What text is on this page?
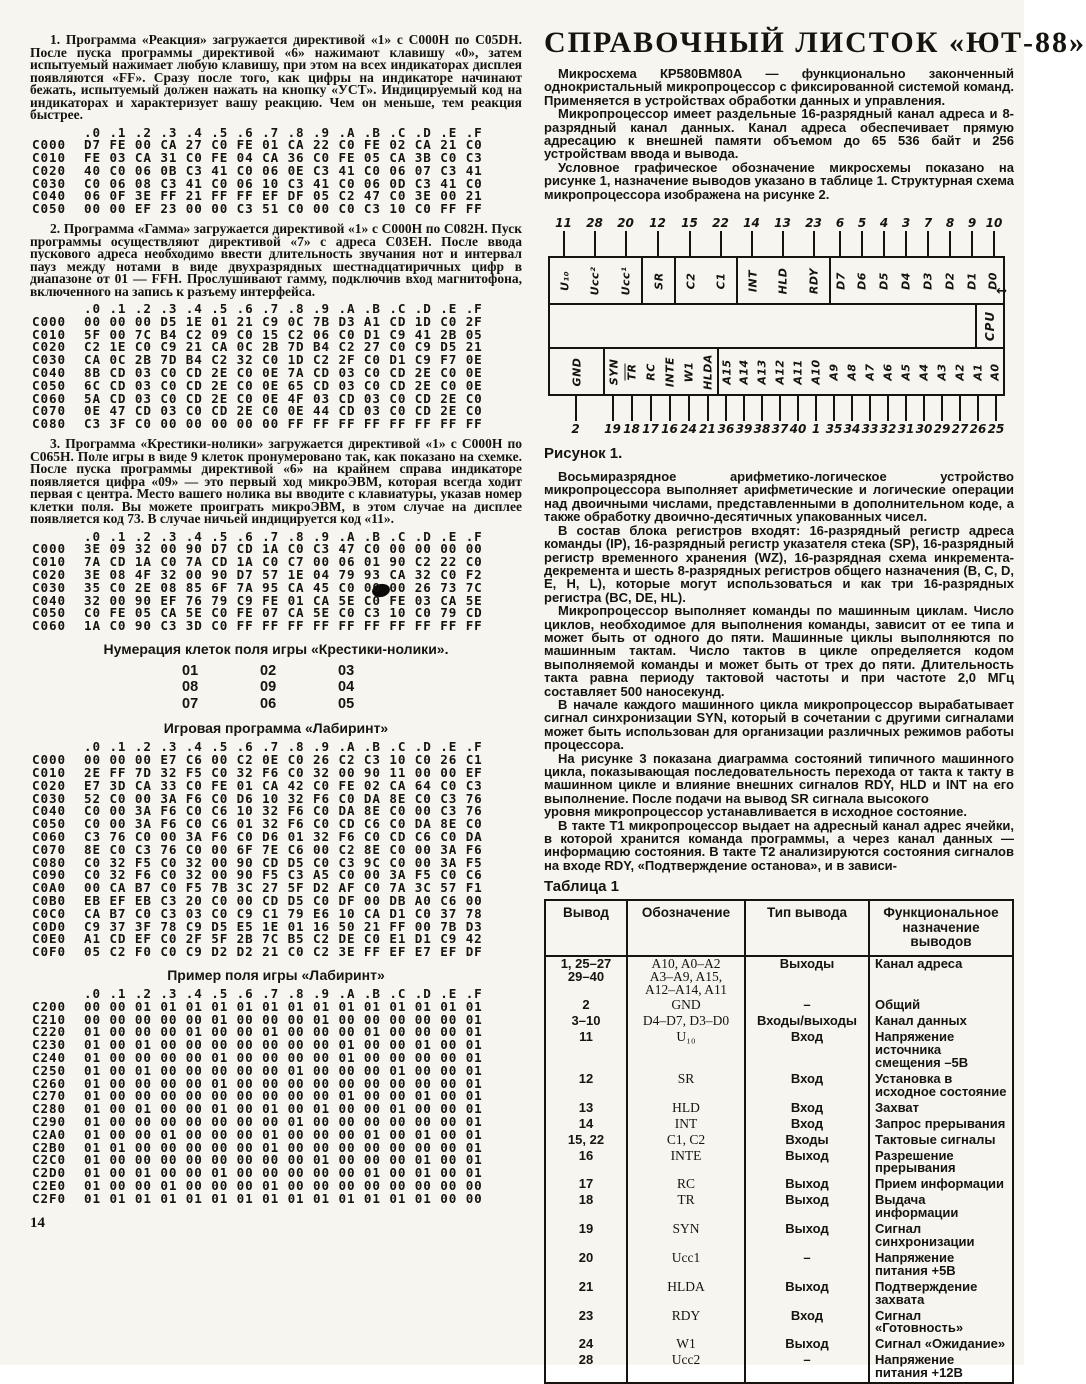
1. Программа «Реакция» загружается директивой «1» с C000H по C05DH. После пуска программы директивой «6» нажимают клавишу «0», затем испытуемый нажимает любую клавишу, при этом на всех индикаторах дисплея появляются «FF». Сразу после того, как цифры на индикаторе начинают бежать, испытуемый должен нажать на кнопку «УСТ». Индицируемый код на индикаторах и характеризует вашу реакцию. Чем он меньше, тем реакция быстрее.

.0 .1 .2 .3 .4 .5 .6 .7 .8 .9 .A .B .C .D .E .F
C000 D7 FE 00 CA 27 C0 FE 01 CA 22 C0 FE 02 CA 21 C0
C010 FE 03 CA 31 C0 FE 04 CA 36 C0 FE 05 CA 3B C0 C3
C020 40 C0 06 0B C3 41 C0 06 0E C3 41 C0 06 07 C3 41
C030 C0 06 08 C3 41 C0 06 10 C3 41 C0 06 0D C3 41 C0
C040 06 0F 3E FF 21 FF FF EF DF 05 C2 47 C0 3E 00 21
C050 00 00 EF 23 00 00 C3 51 C0 00 C0 C3 10 C0 FF FF

2. Программа «Гамма» загружается директивой «1» с C000H по C082H. Пуск программы осуществляют директивой «7» с адреса C03EH. После ввода пускового адреса необходимо ввести длительность звучания нот и интервал пауз между нотами в виде двухразрядных шестнадцатиричных цифр в диапазоне от 01 — FFH. Прослушивают гамму, подключив вход магнитофона, включенного на запись к разъему интерфейса.

.0 .1 .2 .3 .4 .5 .6 .7 .8 .9 .A .B .C .D .E .F
C000 00 00 00 D5 1E 01 21 C9 0C 7B D3 A1 CD 1D C0 2F
C010 5F 00 7C B4 C2 09 C0 15 C2 06 C0 D1 C9 41 2B 05
C020 C2 1E C0 C9 21 CA 0C 2B 7D B4 C2 27 C0 C9 D5 21
C030 CA 0C 2B 7D B4 C2 32 C0 1D C2 2F C0 D1 C9 F7 0E
C040 8B CD 03 C0 CD 2E C0 0E 7A CD 03 C0 CD 2E C0 0E
C050 6C CD 03 C0 CD 2E C0 0E 65 CD 03 C0 CD 2E C0 0E
C060 5A CD 03 C0 CD 2E C0 0E 4F 03 CD 03 C0 CD 2E C0
C070 0E 47 CD 03 C0 CD 2E C0 0E 44 CD 03 C0 CD 2E C0
C080 C3 3F C0 00 00 00 00 00 FF FF FF FF FF FF FF FF

3. Программа «Крестики-нолики» загружается директивой «1» с C000H по C065H. Поле игры в виде 9 клеток пронумеровано так, как показано на схемке. После пуска программы директивой «6» на крайнем справа индикаторе появляется цифра «09» — это первый ход микроЭВМ, которая всегда ходит первая с центра. Место вашего нолика вы вводите с клавиатуры, указав номер клетки поля. Вы можете проиграть микроЭВМ, в этом случае на дисплее появляется код 73. В случае ничьей индицируется код «11».

.0 .1 .2 .3 .4 .5 .6 .7 .8 .9 .A .B .C .D .E .F
C000 3E 09 32 00 90 D7 CD 1A C0 C3 47 C0 00 00 00 00
C010 7A CD 1A C0 7A CD 1A C0 C7 00 06 01 90 C2 22 C0
C020 3E 08 4F 32 00 90 D7 57 1E 04 79 93 CA 32 C0 F2
C030 35 C0 2E 08 85 6F 7A 95 CA 45 C0 00 00 26 73 7C
C040 32 00 90 EF 76 79 C9 FE 01 CA 5E C0 FE 03 CA 5E
C050 C0 FE 05 CA 5E C0 FE 07 CA 5E C0 C3 10 C0 79 CD
C060 1A C0 90 C3 3D C0 FF FF FF FF FF FF FF FF FF FF
Нумерация клеток поля игры «Крестики-нолики».
01	02	03
08	09	04
07	06	05
Игровая программа «Лабиринт»
.0 .1 .2 .3 .4 .5 .6 .7 .8 .9 .A .B .C .D .E .F
C000 00 00 00 E7 C6 00 C2 0E C0 26 C2 C3 10 C0 26 C1
C010 2E FF 7D 32 F5 C0 32 F6 C0 32 00 90 11 00 00 EF
C020 E7 3D CA 33 C0 FE 01 CA 42 C0 FE 02 CA 64 C0 C3
C030 52 C0 00 3A F6 C0 D6 10 32 F6 C0 DA 8E C0 C3 76
C040 C0 00 3A F6 C0 C6 10 32 F6 C0 DA 8E C0 00 C3 76
C050 C0 00 3A F6 C0 C6 01 32 F6 C0 CD C6 C0 DA 8E C0
C060 C3 76 C0 00 3A F6 C0 D6 01 32 F6 C0 CD C6 C0 DA
C070 8E C0 C3 76 C0 00 6F 7E C6 00 C2 8E C0 00 3A F6
C080 C0 32 F5 C0 32 00 90 CD D5 C0 C3 9C C0 00 3A F5
C090 C0 32 F6 C0 32 00 90 F5 C3 A5 C0 00 3A F5 C0 C6
C0A0 00 CA B7 C0 F5 7B 3C 27 5F D2 AF C0 7A 3C 57 F1
C0B0 EB EF EB C3 20 C0 00 CD D5 C0 DF 00 DB A0 C6 00
C0C0 CA B7 C0 C3 03 C0 C9 C1 79 E6 10 CA D1 C0 37 78
C0D0 C9 37 3F 78 C9 D5 E5 1E 01 16 50 21 FF 00 7B D3
C0E0 A1 CD EF C0 2F 5F 2B 7C B5 C2 DE C0 E1 D1 C9 42
C0F0 05 C2 F0 C0 C9 D2 D2 21 C0 C2 3E FF EF E7 EF DF
Пример поля игры «Лабиринт»
.0 .1 .2 .3 .4 .5 .6 .7 .8 .9 .A .B .C .D .E .F
C200 00 00 01 01 01 01 01 01 01 01 01 01 01 01 01 01
C210 00 00 00 00 00 01 00 00 00 01 00 00 00 00 00 01
C220 01 00 00 00 01 00 00 01 00 00 00 01 00 00 00 01
C230 01 00 01 00 00 00 00 00 00 00 01 00 00 01 00 01
C240 01 00 00 00 00 01 00 00 00 00 01 00 00 00 00 01
C250 01 00 01 00 00 00 00 00 01 00 00 00 01 00 00 01
C260 01 00 00 00 00 01 00 00 00 00 00 00 00 00 00 01
C270 01 00 00 00 00 00 00 00 00 00 01 00 00 01 00 01
C280 01 00 01 00 00 01 00 01 00 01 00 00 01 00 00 01
C290 01 00 00 00 00 00 00 00 01 00 00 00 00 00 00 01
C2A0 01 00 00 01 00 00 00 01 00 00 00 01 00 01 00 01
C2B0 01 01 00 00 00 00 00 01 00 00 00 00 00 00 00 01
C2C0 01 00 00 00 00 00 00 00 00 01 00 00 00 01 00 01
C2D0 01 00 01 00 00 01 00 00 00 00 00 01 00 01 00 01
C2E0 01 00 00 01 00 00 00 01 00 00 00 00 00 00 00 00
C2F0 01 01 01 01 01 01 01 01 01 01 01 01 01 01 00 00
14
СПРАВОЧНЫЙ ЛИСТОК «ЮТ-88»

Микросхема КР580ВМ80А — функционально законченный однокристальный микропроцессор с фиксированной системой команд. Применяется в устройствах обработки данных и управления.

Микропроцессор имеет раздельные 16-разрядный канал адреса и 8-разрядный канал данных. Канал адреса обеспечивает прямую адресацию к внешней памяти объемом до 65 536 байт и 256 устройствам ввода и вывода.

Условное графическое обозначение микросхемы показано на рисунке 1, назначение выводов указано в таблице 1. Структурная схема микропроцессора изображена на рисунке 2.

11
U₁₀
28
Ucc²
20
Ucc¹
12
SR
15
C2
22
C1
14
INT
13
HLD
23
RDY
6
D7
5
D6
4
D5
3
D4
7
D3
8
D2
9
D1
10
D0
↔
CPU
GND
2
SYN
19
$\overline{TR}$
18
RC
17
INTE
16
W1
24
HLDA
21
A15
36
A14
39
A13
38
A12
37
A11
40
A10
1
A9
35
A8
34
A7
33
A6
32
A5
31
A4
30
A3
29
A2
27
A1
26
A0
25
Рисунок 1.

Восьмиразрядное арифметико-логическое устройство микропроцессора выполняет арифметические и логические операции над двоичными числами, представленными в дополнительном коде, а также обработку двоично-десятичных упакованных чисел.

В состав блока регистров входят: 16-разрядный регистр адреса команды (IP), 16-разрядный регистр указателя стека (SP), 16-разрядный регистр временного хранения (WZ), 16-разрядная схема инкремента-декремента и шесть 8-разрядных регистров общего назначения (B, C, D, E, H, L), которые могут использоваться и как три 16-разрядных регистра (BC, DE, HL).

Микропроцессор выполняет команды по машинным циклам. Число циклов, необходимое для выполнения команды, зависит от ее типа и может быть от одного до пяти. Машинные циклы выполняются по машинным тактам. Число тактов в цикле определяется кодом выполняемой команды и может быть от трех до пяти. Длительность такта равна периоду тактовой частоты и при частоте 2,0 МГц составляет 500 наносекунд.

В начале каждого машинного цикла микропроцессор вырабатывает сигнал синхронизации SYN, который в сочетании с другими сигналами может быть использован для организации различных режимов работы процессора.

На рисунке 3 показана диаграмма состояний типичного машинного цикла, показывающая последовательность перехода от такта к такту в машинном цикле и влияние внешних сигналов RDY, HLD и INT на его выполнение. После подачи на вывод SR сигнала высокого

уровня микропроцессор устанавливается в исходное состояние.

В такте Т1 микропроцессор выдает на адресный канал адрес ячейки, в которой хранится команда программы, а через канал данных — информацию состояния. В такте Т2 анализируются состояния сигналов на входе RDY, «Подтверждение останова», и в зависи-

Таблица 1
Вывод	Обозначение	Тип вывода	Функциональное
назначение выводов
1, 25–27
29–40	A10, A0–A2
A3–A9, A15,
A12–A14, A11	Выходы	Канал адреса

2	GND	–	Общий
3–10	D4–D7, D3–D0	Входы/выходы	Канал данных
11	U₁₀	Вход	Напряжение источника смещения –5В
12	SR	Вход	Установка в исходное состояние
13	HLD	Вход	Захват
14	INT	Вход	Запрос прерывания
15, 22	C1, C2	Входы	Тактовые сигналы
16	INTE	Выход	Разрешение прерывания
17	RC	Выход	Прием информации
18	TR	Выход	Выдача информации
19	SYN	Выход	Сигнал синхронизации
20	Ucc1	–	Напряжение питания +5В
21	HLDA	Выход	Подтверждение захвата
23	RDY	Вход	Сигнал «Готовность»
24	W1	Выход	Сигнал «Ожидание»
28	Ucc2	–	Напряжение питания +12В
